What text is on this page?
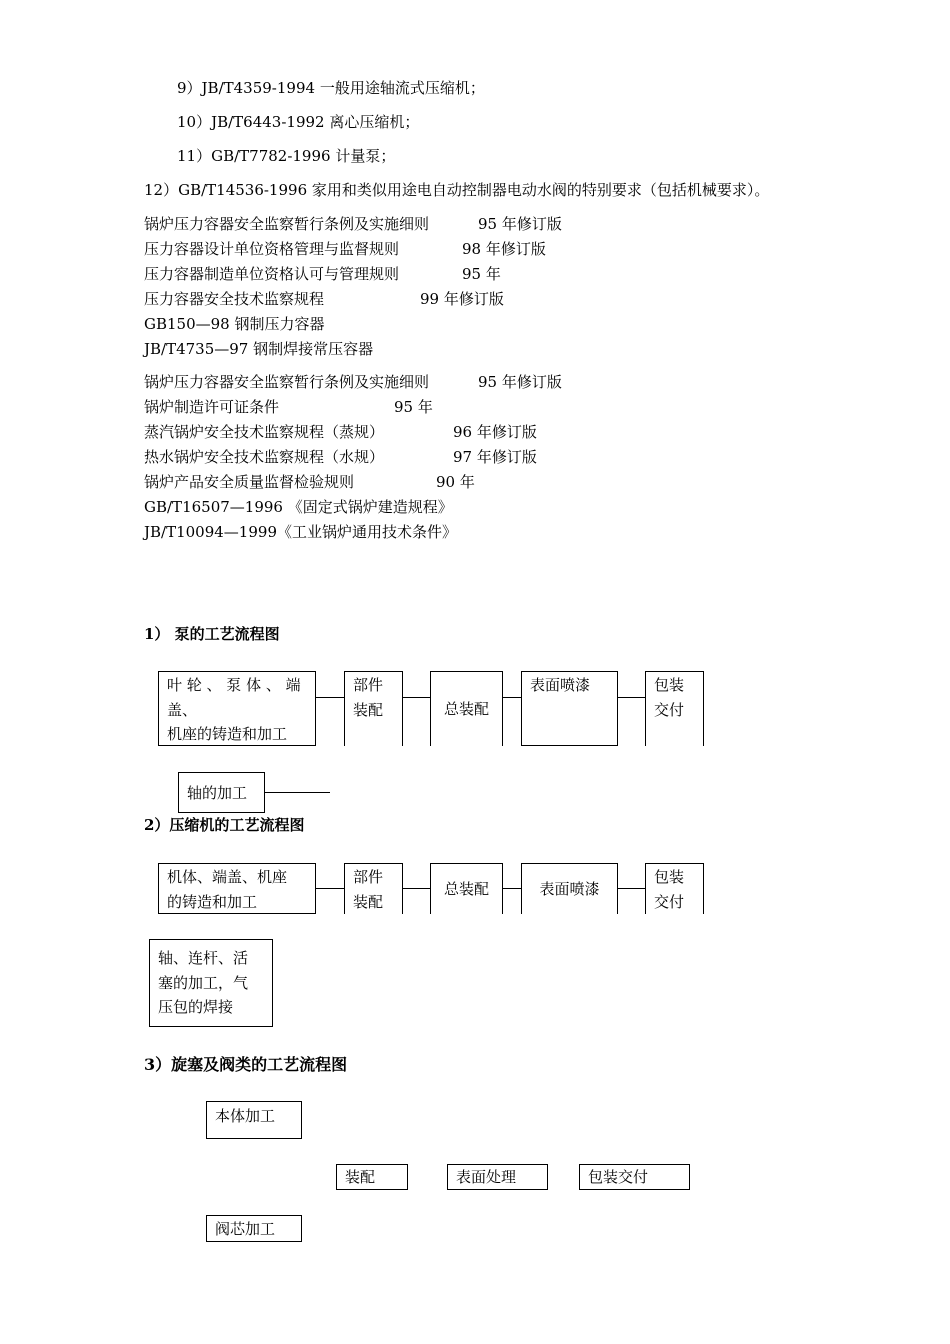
9）JB/T4359-1994 一般用途轴流式压缩机；
10）JB/T6443-1992 离心压缩机；
11）GB/T7782-1996 计量泵；
12）GB/T14536-1996 家用和类似用途电自动控制器电动水阀的特别要求（包括机械要求）。
锅炉压力容器安全监察暂行条例及实施细则	95 年修订版
压力容器设计单位资格管理与监督规则	98 年修订版
压力容器制造单位资格认可与管理规则	95 年
压力容器安全技术监察规程	99 年修订版
GB150—98 钢制压力容器
JB/T4735—97 钢制焊接常压容器
锅炉压力容器安全监察暂行条例及实施细则	95 年修订版
锅炉制造许可证条件	95 年
蒸汽锅炉安全技术监察规程（蒸规）	96 年修订版
热水锅炉安全技术监察规程（水规）	97 年修订版
锅炉产品安全质量监督检验规则	90 年
GB/T16507—1996 《固定式锅炉建造规程》
JB/T10094—1999《工业锅炉通用技术条件》
1） 泵的工艺流程图
叶 轮 、 泵 体 、 端
盖、
机座的铸造和加工
部件
装配	总装配
表面喷漆	包装
交付
轴的加工
2）压缩机的工艺流程图
机体、端盖、机座
的铸造和加工
部件
装配
总装配	表面喷漆
包装
交付
轴、连杆、活
塞的加工，气
压包的焊接
3）旋塞及阀类的工艺流程图
本体加工
装配	表面处理	包装交付
阀芯加工
